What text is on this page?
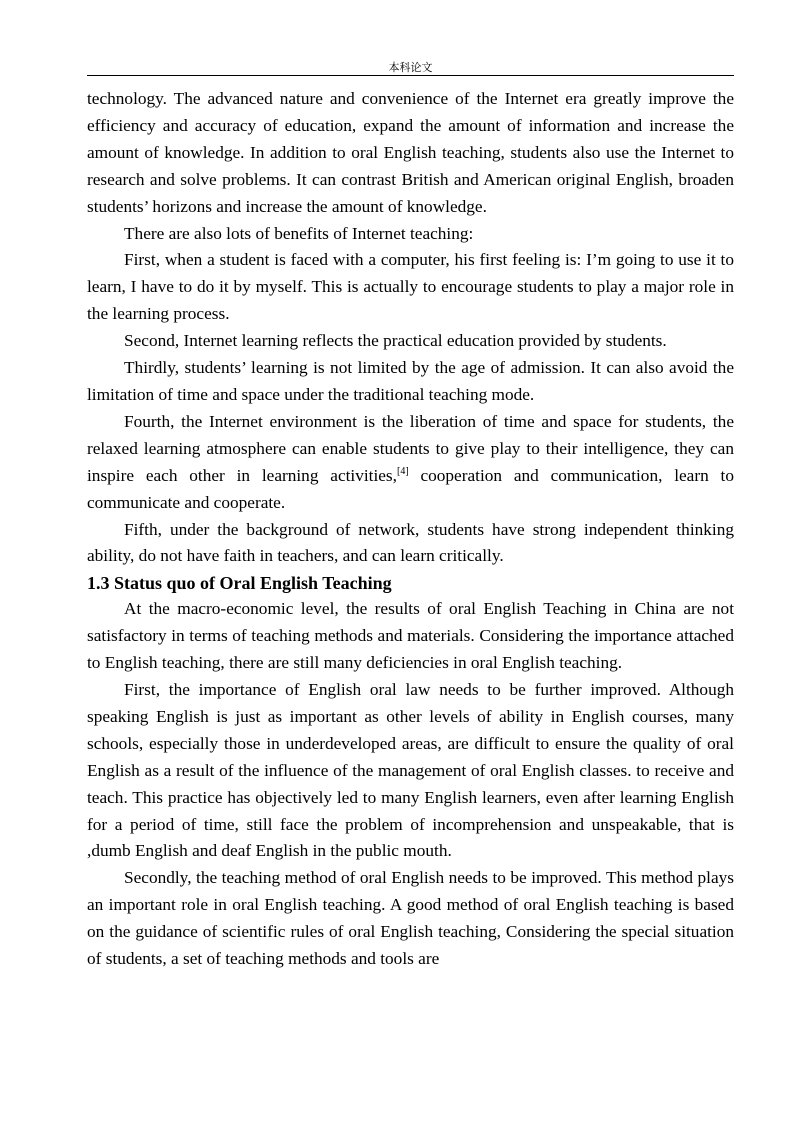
本科论文

technology. The advanced nature and convenience of the Internet era greatly improve the efficiency and accuracy of education, expand the amount of information and increase the amount of knowledge. In addition to oral English teaching, students also use the Internet to research and solve problems. It can contrast British and American original English, broaden students’ horizons and increase the amount of knowledge.

There are also lots of benefits of Internet teaching:

First, when a student is faced with a computer, his first feeling is: I’m going to use it to learn, I have to do it by myself. This is actually to encourage students to play a major role in the learning process.

Second, Internet learning reflects the practical education provided by students.

Thirdly, students’ learning is not limited by the age of admission. It can also avoid the limitation of time and space under the traditional teaching mode.

Fourth, the Internet environment is the liberation of time and space for students, the relaxed learning atmosphere can enable students to give play to their intelligence, they can inspire each other in learning activities,[4] cooperation and communication, learn to communicate and cooperate.

Fifth, under the background of network, students have strong independent thinking ability, do not have faith in teachers, and can learn critically.

1.3 Status quo of Oral English Teaching

At the macro-economic level, the results of oral English Teaching in China are not satisfactory in terms of teaching methods and materials. Considering the importance attached to English teaching, there are still many deficiencies in oral English teaching.

First, the importance of English oral law needs to be further improved. Although speaking English is just as important as other levels of ability in English courses, many schools, especially those in underdeveloped areas, are difficult to ensure the quality of oral English as a result of the influence of the management of oral English classes. to receive and teach. This practice has objectively led to many English learners, even after learning English for a period of time, still face the problem of incomprehension and unspeakable, that is ,dumb English and deaf English in the public mouth.

Secondly, the teaching method of oral English needs to be improved. This method plays an important role in oral English teaching. A good method of oral English teaching is based on the guidance of scientific rules of oral English teaching, Considering the special situation of students, a set of teaching methods and tools are
